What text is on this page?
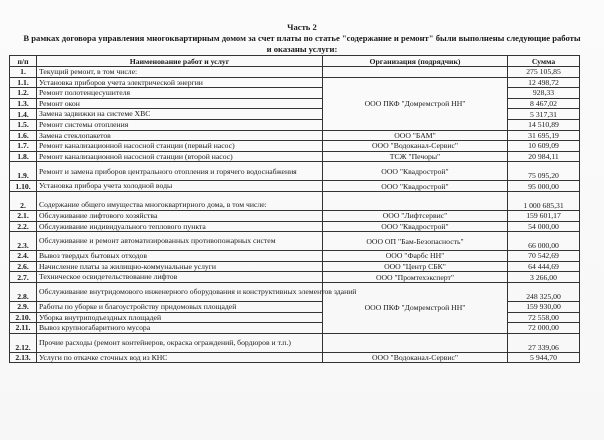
Часть 2
В рамках договора управления многоквартирным домом за счет платы по статье "содержание и ремонт" были выполнены следующие работы и оказаны услуги:
п/п	Наименование работ и услуг	Организация (подрядчик)	Сумма
1.	Текущий ремонт, в том числе:		275 105,85
1.1.	Установка приборов учета электрической энергии	ООО ПКФ "Домремстрой НН"	12 498,72
1.2.	Ремонт полотенцесушителя		928,33
1.3.	Ремонт окон		8 467,02
1.4.	Замена задвижки на системе ХВС		5 317,31
1.5.	Ремонт системы отопления		14 510,89
1.6.	Замена стеклопакетов	ООО "БАМ"	31 695,19
1.7.	Ремонт канализационной насосной станции (первый насос)	ООО "Водоканал-Сервис"	10 609,09
1.8.	Ремонт канализационной насосной станции (второй насос)	ТСЖ "Печоры"	20 984,11
1.9.	Ремонт и замена приборов центрального отопления и горячего водоснабжения	ООО "Квадрострой"	75 095,20
1.10.	Установка прибора учета холодной воды	ООО "Квадрострой"	95 000,00
2.	Содержание общего имущества многоквартирного дома, в том числе:		1 000 685,31
2.1.	Обслуживание лифтового хозяйства	ООО "Лифтсервис"	159 601,17
2.2.	Обслуживание индивидуального теплового пункта	ООО "Квадрострой"	54 000,00
2.3.	Обслуживание и ремонт автоматизированных противопожарных систем	ООО ОП "Бам-Безопасность"	66 000,00
2.4.	Вывоз твердых бытовых отходов	ООО "Фарбс НН"	70 542,69
2.6.	Начисление платы за жилищно-коммунальные услуги	ООО "Центр СБК"	64 444,69
2.7.	Техническое освидетельствование лифтов	ООО "Промтехэксперт"	3 266,00
2.8.	Обслуживание внутридомового инженерного оборудования и конструктивных элементов зданий	ООО ПКФ "Домремстрой НН"	248 325,00
2.9.	Работы по уборке и благоустройству придомовых площадей		159 930,00
2.10.	Уборка внутриподъездных площадей		72 558,00
2.11.	Вывоз крупногабаритного мусора		72 000,00
2.12.	Прочие расходы (ремонт контейнеров, окраска ограждений, бордюров и т.п.)		27 339,06
2.13.	Услуги по откачке сточных вод из КНС	ООО "Водоканал-Сервис"	5 944,70
